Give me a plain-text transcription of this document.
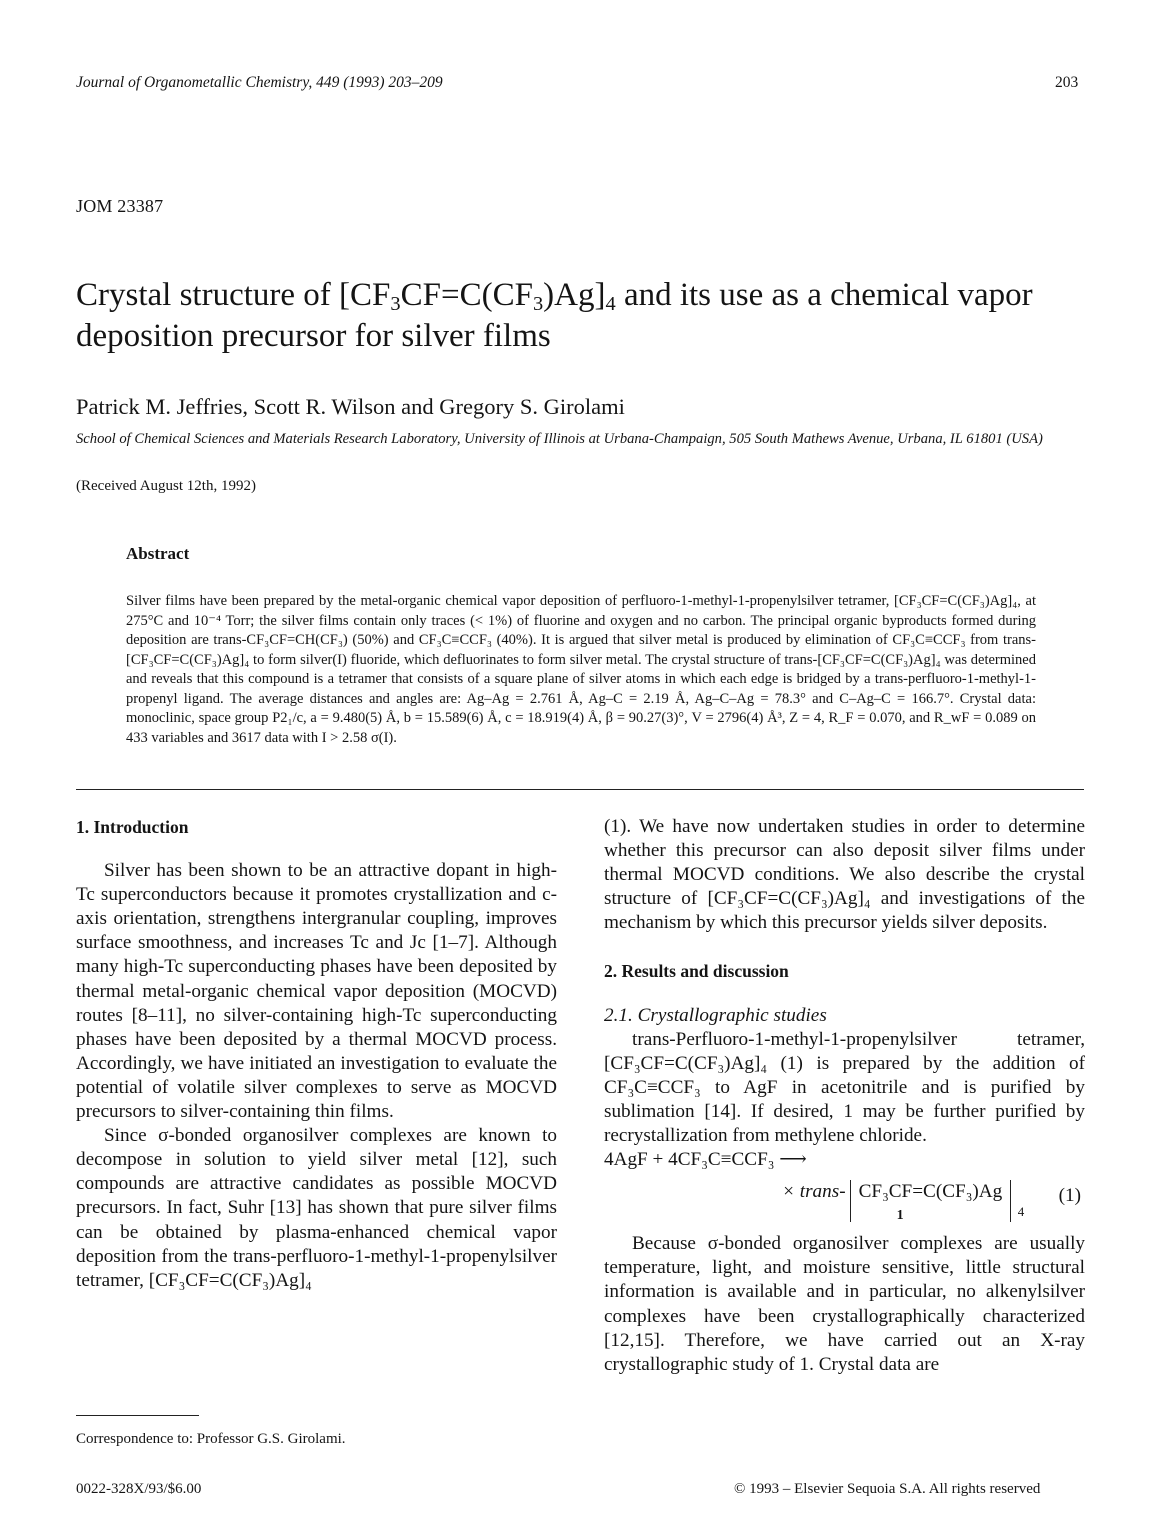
Journal of Organometallic Chemistry, 449 (1993) 203–209	203
JOM 23387
Crystal structure of $[CF_3CF=C(CF_3)Ag]_4$ and its use as a chemical vapor deposition precursor for silver films
Patrick M. Jeffries, Scott R. Wilson and Gregory S. Girolami
School of Chemical Sciences and Materials Research Laboratory, University of Illinois at Urbana-Champaign, 505 South Mathews Avenue, Urbana, IL 61801 (USA)
(Received August 12th, 1992)
Abstract
Silver films have been prepared by the metal-organic chemical vapor deposition of perfluoro-1-methyl-1-propenylsilver tetramer, [CF₃CF=C(CF₃)Ag]₄, at 275°C and 10⁻⁴ Torr; the silver films contain only traces (< 1%) of fluorine and oxygen and no carbon. The principal organic byproducts formed during deposition are trans-CF₃CF=CH(CF₃) (50%) and CF₃C≡CCF₃ (40%). It is argued that silver metal is produced by elimination of CF₃C≡CCF₃ from trans-[CF₃CF=C(CF₃)Ag]₄ to form silver(I) fluoride, which defluorinates to form silver metal. The crystal structure of trans-[CF₃CF=C(CF₃)Ag]₄ was determined and reveals that this compound is a tetramer that consists of a square plane of silver atoms in which each edge is bridged by a trans-perfluoro-1-methyl-1-propenyl ligand. The average distances and angles are: Ag–Ag = 2.761 Å, Ag–C = 2.19 Å, Ag–C–Ag = 78.3° and C–Ag–C = 166.7°. Crystal data: monoclinic, space group P2₁/c, a = 9.480(5) Å, b = 15.589(6) Å, c = 18.919(4) Å, β = 90.27(3)°, V = 2796(4) Å³, Z = 4, R_F = 0.070, and R_wF = 0.089 on 433 variables and 3617 data with I > 2.58 σ(I).

1. Introduction

Silver has been shown to be an attractive dopant in high-Tc superconductors because it promotes crystallization and c-axis orientation, strengthens intergranular coupling, improves surface smoothness, and increases Tc and Jc [1–7]. Although many high-Tc superconducting phases have been deposited by thermal metal-organic chemical vapor deposition (MOCVD) routes [8–11], no silver-containing high-Tc superconducting phases have been deposited by a thermal MOCVD process. Accordingly, we have initiated an investigation to evaluate the potential of volatile silver complexes to serve as MOCVD precursors to silver-containing thin films.

Since σ-bonded organosilver complexes are known to decompose in solution to yield silver metal [12], such compounds are attractive candidates as possible MOCVD precursors. In fact, Suhr [13] has shown that pure silver films can be obtained by plasma-enhanced chemical vapor deposition from the trans-perfluoro-1-methyl-1-propenylsilver tetramer, [CF₃CF=C(CF₃)Ag]₄

(1). We have now undertaken studies in order to determine whether this precursor can also deposit silver films under thermal MOCVD conditions. We also describe the crystal structure of [CF₃CF=C(CF₃)Ag]₄ and investigations of the mechanism by which this precursor yields silver deposits.

2. Results and discussion

2.1. Crystallographic studies

trans-Perfluoro-1-methyl-1-propenylsilver tetramer, [CF₃CF=C(CF₃)Ag]₄ (1) is prepared by the addition of CF₃C≡CCF₃ to AgF in acetonitrile and is purified by sublimation [14]. If desired, 1 may be further purified by recrystallization from methylene chloride.

4AgF + 4CF₃C≡CCF₃ ⟶

× trans- CF₃CF=C(CF₃)Ag
1	4
(1)

Because σ-bonded organosilver complexes are usually temperature, light, and moisture sensitive, little structural information is available and in particular, no alkenylsilver complexes have been crystallographically characterized [12,15]. Therefore, we have carried out an X-ray crystallographic study of 1. Crystal data are

Correspondence to: Professor G.S. Girolami.
0022-328X/93/$6.00	© 1993 – Elsevier Sequoia S.A. All rights reserved
